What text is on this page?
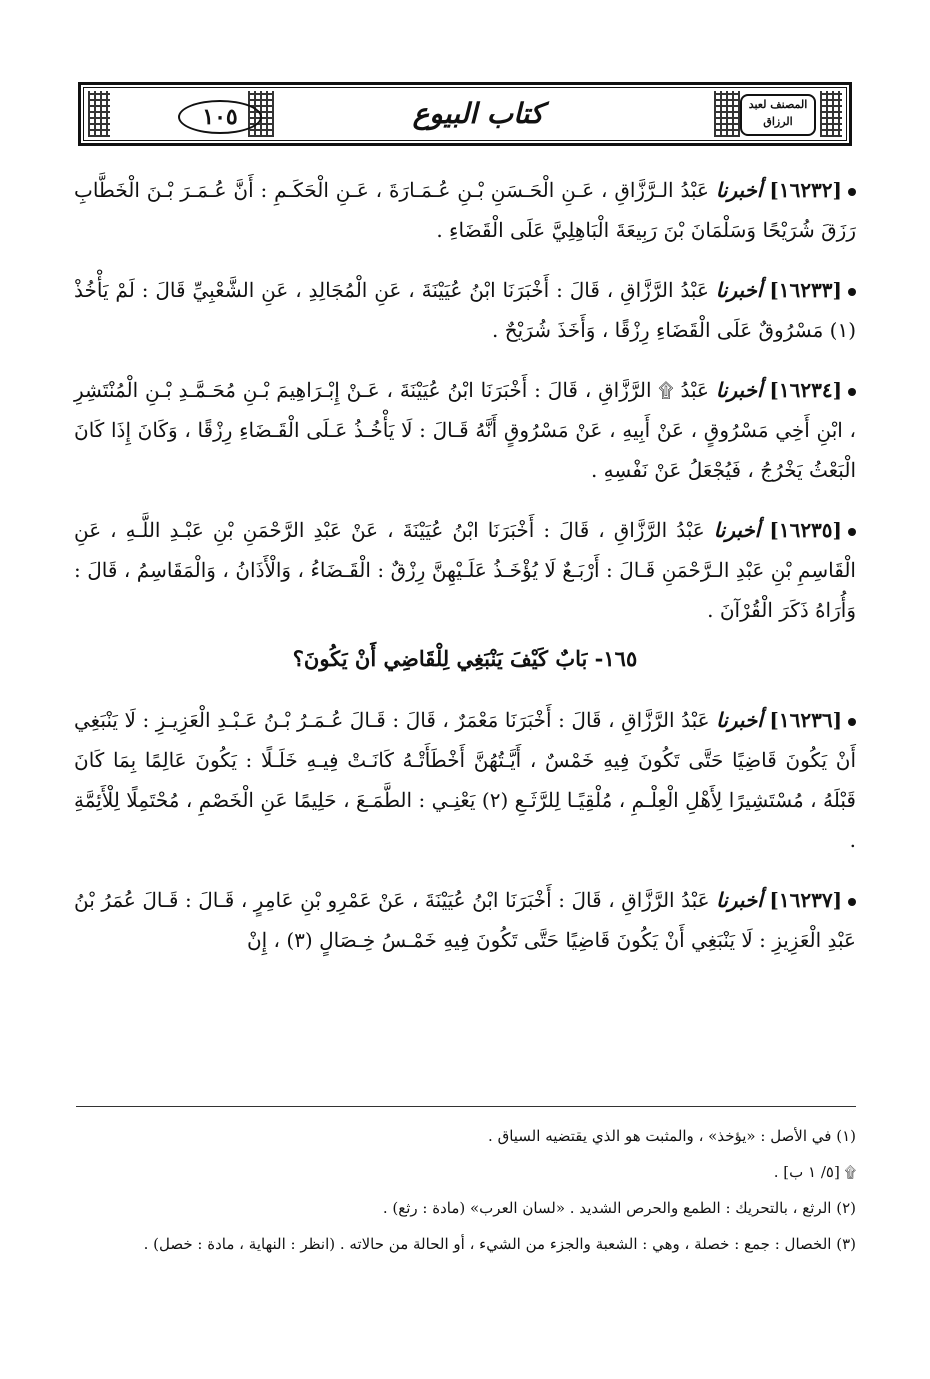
١٠٥	كتاب البيوع	المصنف لعبد الرزاق

[١٦٢٣٢] أخبرنا عَبْدُ الـرَّزَّاقِ ، عَـنِ الْحَـسَنِ بْـنِ عُـمَـارَةَ ، عَـنِ الْحَكَـمِ : أَنَّ عُـمَـرَ بْـنَ الْخَطَّابِ رَزَقَ شُرَيْحًا وَسَلْمَانَ بْنَ رَبِيعَةَ الْبَاهِلِيَّ عَلَى الْقَضَاءِ .

[١٦٢٣٣] أخبرنا عَبْدُ الرَّزَّاقِ ، قَالَ : أَخْبَرَنَا ابْنُ عُيَيْنَةَ ، عَنِ الْمُجَالِدِ ، عَنِ الشَّعْبِيِّ قَالَ : لَمْ يَأْخُذْ (١) مَسْرُوقٌ عَلَى الْقَضَاءِ رِزْقًا ، وَأَخَذَ شُرَيْحٌ .

[١٦٢٣٤] أخبرنا عَبْدُ ۩ الرَّزَّاقِ ، قَالَ : أَخْبَرَنَا ابْنُ عُيَيْنَةَ ، عَـنْ إِبْـرَاهِيمَ بْـنِ مُحَـمَّـدِ بْـنِ الْمُنْتَشِرِ ، ابْنِ أَخِي مَسْرُوقٍ ، عَنْ أَبِيهِ ، عَنْ مَسْرُوقٍ أَنَّهُ قَـالَ : لَا يَأْخُـذُ عَـلَى الْقَـضَاءِ رِزْقًا ، وَكَانَ إِذَا كَانَ الْبَعْثُ يَخْرُجُ ، فَيُجْعَلُ عَنْ نَفْسِهِ .

[١٦٢٣٥] أخبرنا عَبْدُ الرَّزَّاقِ ، قَالَ : أَخْبَرَنَا ابْنُ عُيَيْنَةَ ، عَنْ عَبْدِ الرَّحْمَنِ بْنِ عَبْـدِ اللَّـهِ ، عَنِ الْقَاسِمِ بْنِ عَبْدِ الـرَّحْمَنِ قَـالَ : أَرْبَـعٌ لَا يُؤْخَـذُ عَلَـيْهِنَّ رِزْقٌ : الْقَـضَاءُ ، وَالْأَذَانُ ، وَالْمَقَاسِمُ ، قَالَ : وَأُرَاهُ ذَكَرَ الْقُرْآنَ .

١٦٥- بَابٌ كَيْفَ يَنْبَغِي لِلْقَاضِي أَنْ يَكُونَ؟

[١٦٢٣٦] أخبرنا عَبْدُ الرَّزَّاقِ ، قَالَ : أَخْبَرَنَا مَعْمَرٌ ، قَالَ : قَـالَ عُـمَـرُ بْـنُ عَـبْـدِ الْعَزِيـزِ : لَا يَنْبَغِي أَنْ يَكُونَ قَاضِيًا حَتَّى تَكُونَ فِيهِ خَمْسٌ ، أَيَّـتُهُنَّ أَخْطَأَتْـهُ كَانَـتْ فِيـهِ خَلَـلًا : يَكُونَ عَالِمًا بِمَا كَانَ قَبْلَهُ ، مُسْتَشِيرًا لِأَهْلِ الْعِلْـمِ ، مُلْقِيًـا لِلرَّثَـعِ (٢) يَعْنِـي : الطَّمَـعَ ، حَلِيمًا عَنِ الْخَصْمِ ، مُحْتَمِلًا لِلْأَئِمَّةِ .

[١٦٢٣٧] أخبرنا عَبْدُ الرَّزَّاقِ ، قَالَ : أَخْبَرَنَا ابْنُ عُيَيْنَةَ ، عَنْ عَمْرِو بْنِ عَامِرٍ ، قَـالَ : قَـالَ عُمَرُ بْنُ عَبْدِ الْعَزِيزِ : لَا يَنْبَغِي أَنْ يَكُونَ قَاضِيًا حَتَّى تَكُونَ فِيهِ خَمْـسُ خِـصَالٍ (٣) ، إِنْ

(١) في الأصل : «يؤخذ» ، والمثبت هو الذي يقتضيه السياق .
۩ [٥/ ١ ب] .
(٢) الرثع ، بالتحريك : الطمع والحرص الشديد . «لسان العرب» (مادة : رثع) .
(٣) الخصال : جمع : خصلة ، وهي : الشعبة والجزء من الشيء ، أو الحالة من حالاته . (انظر : النهاية ، مادة : خصل) .
